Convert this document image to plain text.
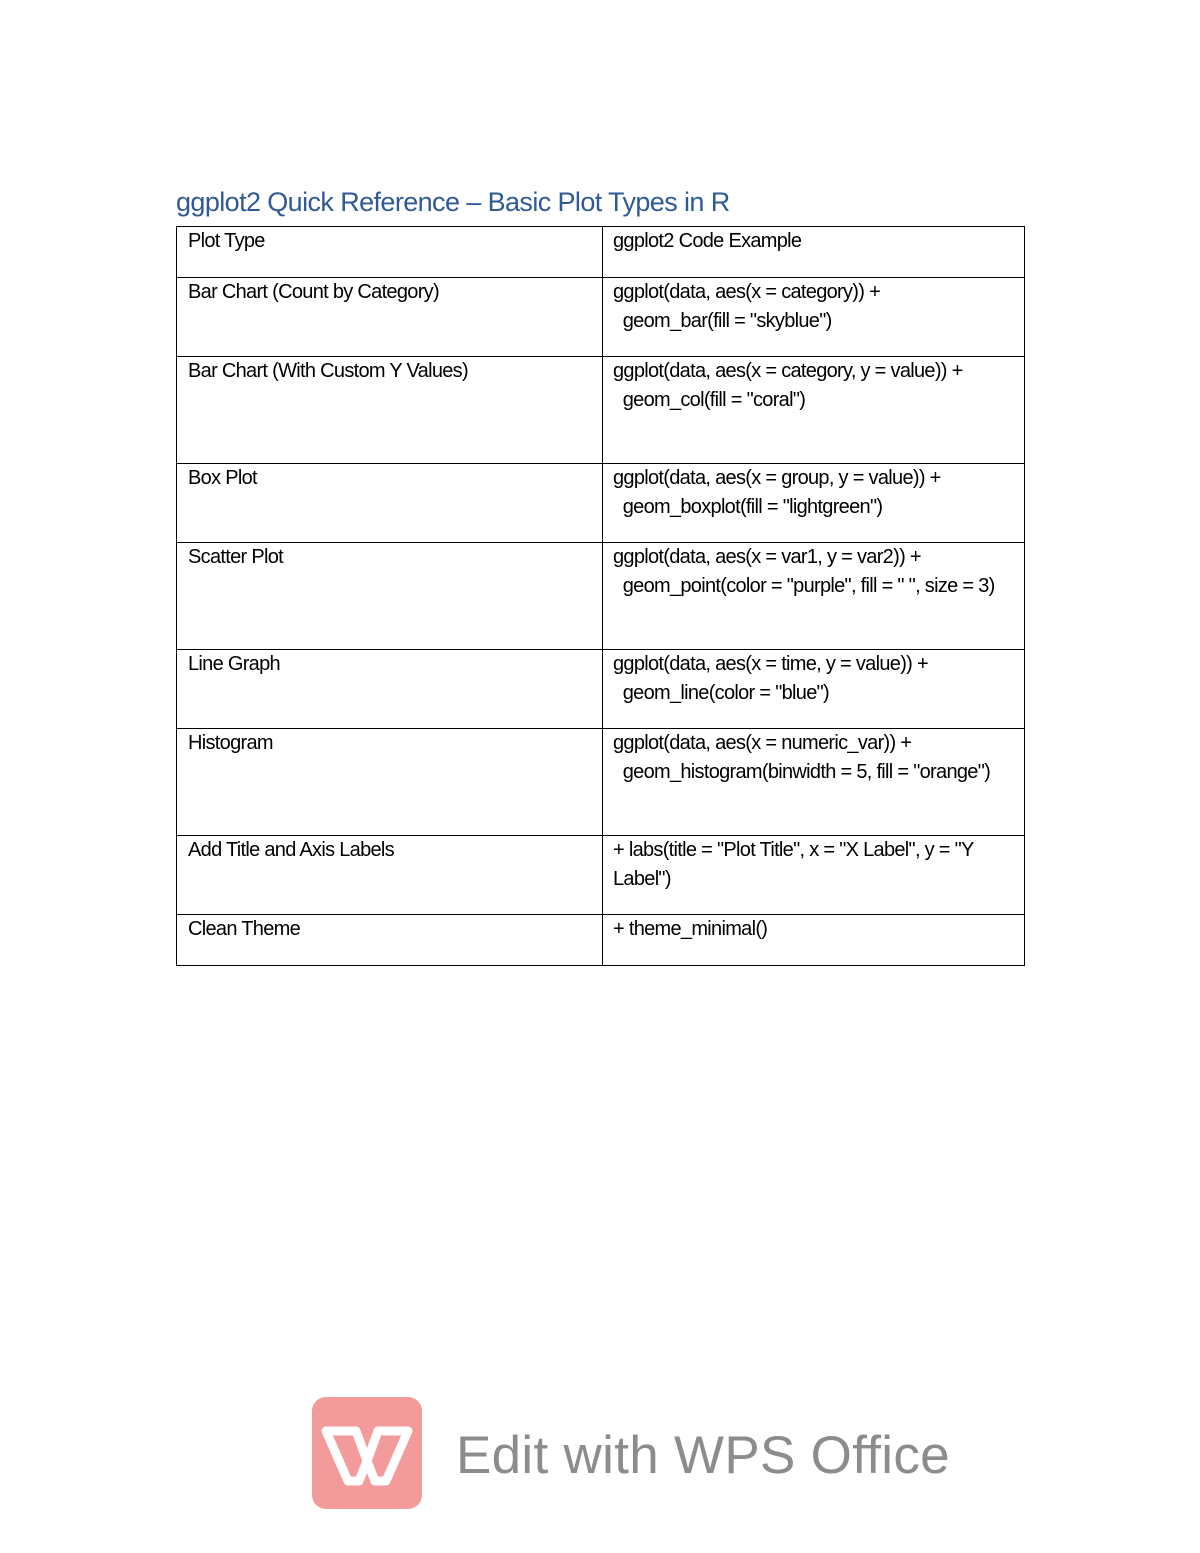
ggplot2 Quick Reference – Basic Plot Types in R
Plot Type	ggplot2 Code Example
Bar Chart (Count by Category)	ggplot(data, aes(x = category)) +
geom_bar(fill = "skyblue")
Bar Chart (With Custom Y Values)	ggplot(data, aes(x = category, y = value)) +
geom_col(fill = "coral")
Box Plot	ggplot(data, aes(x = group, y = value)) +
geom_boxplot(fill = "lightgreen")
Scatter Plot	ggplot(data, aes(x = var1, y = var2)) +
geom_point(color = "purple", fill = " ", size = 3)
Line Graph	ggplot(data, aes(x = time, y = value)) +
geom_line(color = "blue")
Histogram	ggplot(data, aes(x = numeric_var)) +
geom_histogram(binwidth = 5, fill = "orange")
Add Title and Axis Labels	+ labs(title = "Plot Title", x = "X Label", y = "Y Label")
Clean Theme	+ theme_minimal()
Edit with WPS Office
